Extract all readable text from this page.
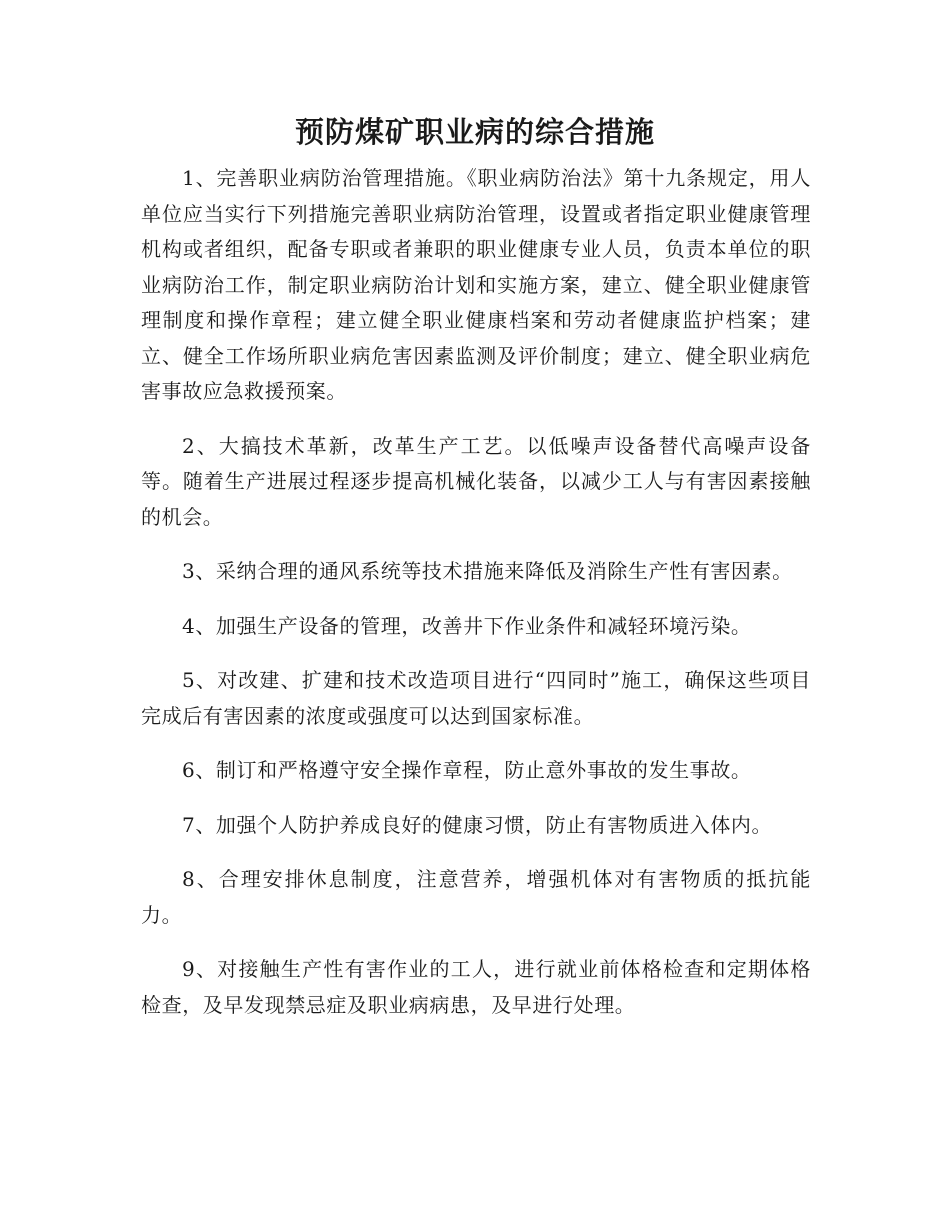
预防煤矿职业病的综合措施

1、完善职业病防治管理措施。《职业病防治法》第十九条规定，用人单位应当实行下列措施完善职业病防治管理，设置或者指定职业健康管理机构或者组织，配备专职或者兼职的职业健康专业人员，负责本单位的职业病防治工作，制定职业病防治计划和实施方案，建立、健全职业健康管理制度和操作章程；建立健全职业健康档案和劳动者健康监护档案；建立、健全工作场所职业病危害因素监测及评价制度；建立、健全职业病危害事故应急救援预案。

2、大搞技术革新，改革生产工艺。以低噪声设备替代高噪声设备等。随着生产进展过程逐步提高机械化装备，以减少工人与有害因素接触的机会。

3、采纳合理的通风系统等技术措施来降低及消除生产性有害因素。

4、加强生产设备的管理，改善井下作业条件和减轻环境污染。

5、对改建、扩建和技术改造项目进行“四同时”施工，确保这些项目完成后有害因素的浓度或强度可以达到国家标准。

6、制订和严格遵守安全操作章程，防止意外事故的发生事故。

7、加强个人防护养成良好的健康习惯，防止有害物质进入体内。

8、合理安排休息制度，注意营养，增强机体对有害物质的抵抗能力。

9、对接触生产性有害作业的工人，进行就业前体格检查和定期体格检查，及早发现禁忌症及职业病病患，及早进行处理。
